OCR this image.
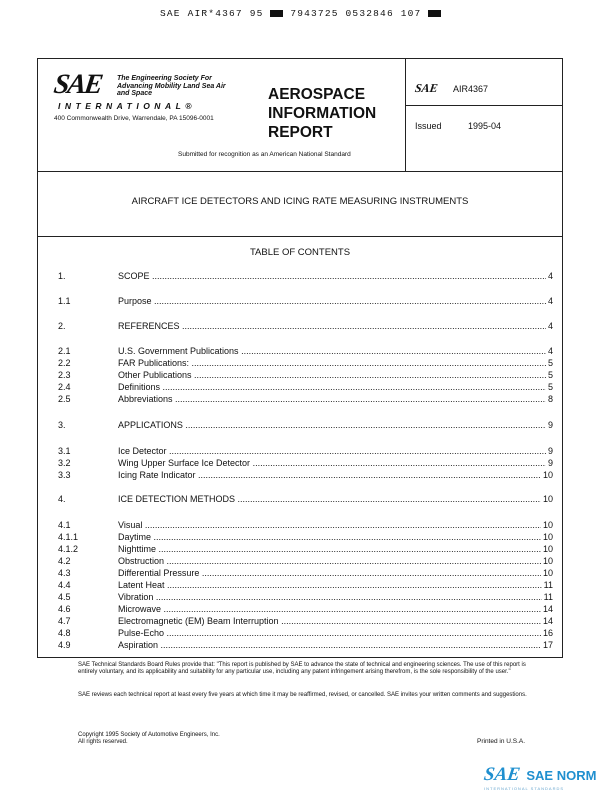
SAE AIR*4367 95	7943725 0532846 107
SAE The Engineering Society For Advancing Mobility Land Sea Air and Space
INTERNATIONAL®
400 Commonwealth Drive, Warrendale, PA 15096-0001
AEROSPACE
INFORMATION
REPORT
Submitted for recognition as an American National Standard
SAE AIR4367
Issued	1995-04
AIRCRAFT ICE DETECTORS AND ICING RATE MEASURING INSTRUMENTS
TABLE OF CONTENTS
1.	SCOPE .....	4
1.1	Purpose .....	4
2.	REFERENCES .....	4
2.1	U.S. Government Publications .....	4
2.2	FAR Publications: .....	5
2.3	Other Publications .....	5
2.4	Definitions .....	5
2.5	Abbreviations .....	8
3.	APPLICATIONS .....	9
3.1	Ice Detector .....	9
3.2	Wing Upper Surface Ice Detector .....	9
3.3	Icing Rate Indicator .....	10
4.	ICE DETECTION METHODS .....	10
4.1	Visual .....	10
4.1.1	Daytime .....	10
4.1.2	Nighttime .....	10
4.2	Obstruction .....	10
4.3	Differential Pressure .....	10
4.4	Latent Heat .....	11
4.5	Vibration .....	11
4.6	Microwave .....	14
4.7	Electromagnetic (EM) Beam Interruption .....	14
4.8	Pulse-Echo .....	16
4.9	Aspiration .....	17
SAE Technical Standards Board Rules provide that: "This report is published by SAE to advance the state of technical and engineering sciences. The use of this report is entirely voluntary, and its applicability and suitability for any particular use, including any patent infringement arising therefrom, is the sole responsibility of the user."
SAE reviews each technical report at least every five years at which time it may be reaffirmed, revised, or cancelled. SAE invites your written comments and suggestions.
Copyright 1995 Society of Automotive Engineers, Inc.
All rights reserved.	Printed in U.S.A.
SAE SAE NORM
INTERNATIONAL STANDARDS
